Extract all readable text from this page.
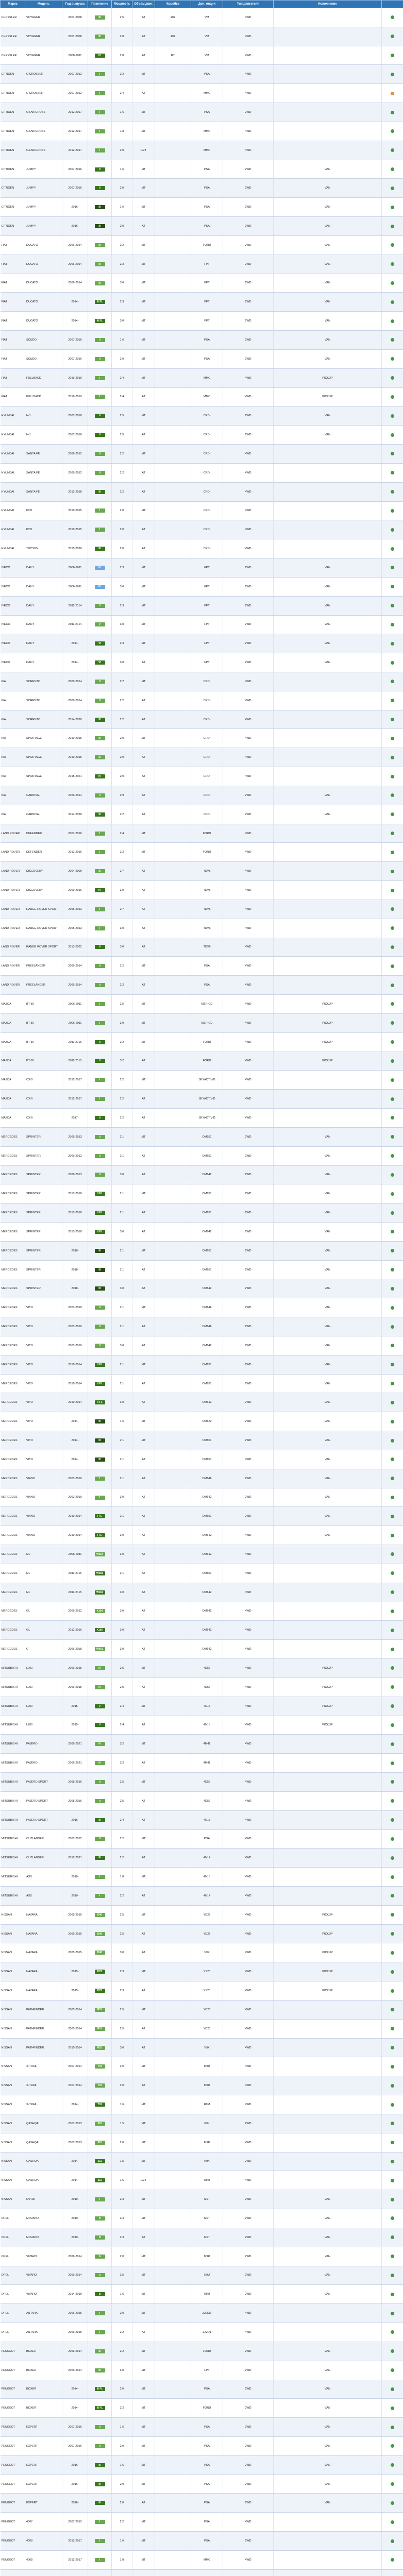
Марка	Модель	Год выпуска	Поколение	Мощность	Объём двиг.	Коробка	Доп. опции	Тип двигателя	Исполнение	
CHRYSLER	VOYAGER	2001-2008	III	2.5	AT	RG	VM	4WD		
CHRYSLER	VOYAGER	2001-2008	III	2.8	AT	RG	VM	4WD		
CHRYSLER	VOYAGER	2008-2011	IV	2.8	AT	RT	VM	4WD		
CITROEN	C-CROSSER	2007-2012	I	2.2	MT		PSA	4WD		
CITROEN	C-CROSSER	2007-2012	I	2.4	AT		MMC	4WD		
CITROEN	C4 AIRCROSS	2012-2017	I	1.6	MT		PSA	2WD		
CITROEN	C4 AIRCROSS	2012-2017	I	1.8	MT		MMC	4WD		
CITROEN	C4 AIRCROSS	2012-2017	I	2.0	CVT		MMC	4WD		
CITROEN	JUMPY	2007-2016	II	1.6	MT		PSA	2WD	VAN	
CITROEN	JUMPY	2007-2016	II	2.0	MT		PSA	2WD	VAN	
CITROEN	JUMPY	2016-	III	1.6	MT		PSA	2WD	VAN	
CITROEN	JUMPY	2016-	III	2.0	AT		PSA	2WD	VAN	
FIAT	DUCATO	2006-2014	III	2.2	MT		FORD	2WD	VAN	
FIAT	DUCATO	2006-2014	III	2.3	MT		FPT	2WD	VAN	
FIAT	DUCATO	2006-2014	III	3.0	MT		FPT	2WD	VAN	
FIAT	DUCATO	2014-	III FL	2.3	MT		FPT	2WD	VAN	
FIAT	DUCATO	2014-	III FL	3.0	MT		FPT	2WD	VAN	
FIAT	SCUDO	2007-2016	II	1.6	MT		PSA	2WD	VAN	
FIAT	SCUDO	2007-2016	II	2.0	MT		PSA	2WD	VAN	
FIAT	FULLBACK	2016-2019	I	2.4	MT		MMC	4WD	PICKUP	
FIAT	FULLBACK	2016-2019	I	2.4	AT		MMC	4WD	PICKUP	
HYUNDAI	H-1	2007-2018	II	2.5	MT		CRDI	2WD	VAN	
HYUNDAI	H-1	2007-2018	II	2.5	AT		CRDI	2WD	VAN	
HYUNDAI	SANTA FE	2006-2012	II	2.2	MT		CRDI	4WD		
HYUNDAI	SANTA FE	2006-2012	II	2.2	AT		CRDI	4WD		
HYUNDAI	SANTA FE	2012-2018	III	2.2	AT		CRDI	4WD		
HYUNDAI	IX35	2010-2015	I	2.0	MT		CRDI	4WD		
HYUNDAI	IX35	2010-2015	I	2.0	AT		CRDI	4WD		
HYUNDAI	TUCSON	2015-2020	III	2.0	AT		CRDI	4WD		
IVECO	DAILY	2006-2011	IV	2.3	MT		FPT	2WD	VAN	
IVECO	DAILY	2006-2011	IV	3.0	MT		FPT	2WD	VAN	
IVECO	DAILY	2011-2014	V	2.3	MT		FPT	2WD	VAN	
IVECO	DAILY	2011-2014	V	3.0	MT		FPT	2WD	VAN	
IVECO	DAILY	2014-	VI	2.3	MT		FPT	2WD	VAN	
IVECO	DAILY	2014-	VI	3.0	AT		FPT	2WD	VAN	
KIA	SORENTO	2009-2014	II	2.2	MT		CRDI	4WD		
KIA	SORENTO	2009-2014	II	2.2	AT		CRDI	4WD		
KIA	SORENTO	2014-2020	III	2.2	AT		CRDI	4WD		
KIA	SPORTAGE	2010-2015	III	2.0	MT		CRDI	4WD		
KIA	SPORTAGE	2010-2015	III	2.0	AT		CRDI	4WD		
KIA	SPORTAGE	2015-2021	IV	2.0	AT		CRDI	4WD		
KIA	CARNIVAL	2006-2014	II	2.9	AT		CRDI	2WD	VAN	
KIA	CARNIVAL	2014-2020	III	2.2	AT		CRDI	2WD	VAN	
LAND ROVER	DEFENDER	2007-2016	I	2.4	MT		FORD	4WD		
LAND ROVER	DEFENDER	2012-2016	I	2.2	MT		FORD	4WD		
LAND ROVER	DISCOVERY	2004-2009	III	2.7	AT		TDV6	4WD		
LAND ROVER	DISCOVERY	2009-2016	IV	3.0	AT		TDV6	4WD		
LAND ROVER	RANGE ROVER SPORT	2005-2013	I	2.7	AT		TDV6	4WD		
LAND ROVER	RANGE ROVER SPORT	2005-2013	I	3.0	AT		TDV6	4WD		
LAND ROVER	RANGE ROVER SPORT	2013-2022	II	3.0	AT		TDV6	4WD		
LAND ROVER	FREELANDER	2006-2014	II	2.2	MT		PSA	4WD		
LAND ROVER	FREELANDER	2006-2014	II	2.2	AT		PSA	4WD		
MAZDA	BT-50	2006-2011	I	2.5	MT		MZR-CD	4WD	PICKUP	
MAZDA	BT-50	2006-2011	I	3.0	MT		MZR-CD	4WD	PICKUP	
MAZDA	BT-50	2011-2015	II	2.2	MT		FORD	4WD	PICKUP	
MAZDA	BT-50	2011-2015	II	3.2	AT		FORD	4WD	PICKUP	
MAZDA	CX-5	2012-2017	I	2.2	MT		SKYACTIV-D	4WD		
MAZDA	CX-5	2012-2017	I	2.2	AT		SKYACTIV-D	4WD		
MAZDA	CX-5	2017-	II	2.2	AT		SKYACTIV-D	4WD		
MERCEDES	SPRINTER	2006-2013	II	2.1	MT		OM651	2WD	VAN	
MERCEDES	SPRINTER	2006-2013	II	2.1	AT		OM651	2WD	VAN	
MERCEDES	SPRINTER	2006-2013	II	3.0	AT		OM642	2WD	VAN	
MERCEDES	SPRINTER	2013-2018	II FL	2.1	MT		OM651	2WD	VAN	
MERCEDES	SPRINTER	2013-2018	II FL	2.1	AT		OM651	2WD	VAN	
MERCEDES	SPRINTER	2013-2018	II FL	3.0	AT		OM642	2WD	VAN	
MERCEDES	SPRINTER	2018-	III	2.1	MT		OM651	2WD	VAN	
MERCEDES	SPRINTER	2018-	III	2.1	AT		OM651	2WD	VAN	
MERCEDES	SPRINTER	2018-	III	3.0	AT		OM642	2WD	VAN	
MERCEDES	VITO	2003-2010	II	2.1	MT		OM646	2WD	VAN	
MERCEDES	VITO	2003-2010	II	2.1	AT		OM646	2WD	VAN	
MERCEDES	VITO	2003-2010	II	3.0	AT		OM642	2WD	VAN	
MERCEDES	VITO	2010-2014	II FL	2.1	MT		OM651	2WD	VAN	
MERCEDES	VITO	2010-2014	II FL	2.1	AT		OM651	2WD	VAN	
MERCEDES	VITO	2010-2014	II FL	3.0	AT		OM642	2WD	VAN	
MERCEDES	VITO	2014-	III	1.6	MT		OM622	2WD	VAN	
MERCEDES	VITO	2014-	III	2.1	MT		OM651	2WD	VAN	
MERCEDES	VITO	2014-	III	2.1	AT		OM651	4WD	VAN	
MERCEDES	VIANO	2003-2010	I	2.1	AT		OM646	2WD	VAN	
MERCEDES	VIANO	2003-2010	I	3.0	AT		OM642	2WD	VAN	
MERCEDES	VIANO	2010-2014	I FL	2.1	AT		OM651	2WD	VAN	
MERCEDES	VIANO	2010-2014	I FL	3.0	AT		OM642	4WD	VAN	
MERCEDES	ML	2005-2011	W164	3.0	AT		OM642	4WD		
MERCEDES	ML	2011-2015	W166	2.1	AT		OM651	4WD		
MERCEDES	ML	2011-2015	W166	3.0	AT		OM642	4WD		
MERCEDES	GL	2006-2012	X164	3.0	AT		OM642	4WD		
MERCEDES	GL	2012-2016	X166	3.0	AT		OM642	4WD		
MERCEDES	G	2006-2018	W463	3.0	AT		OM642	4WD		
MITSUBISHI	L200	2006-2015	IV	2.5	MT		4D56	4WD	PICKUP	
MITSUBISHI	L200	2006-2015	IV	2.5	AT		4D56	4WD	PICKUP	
MITSUBISHI	L200	2015-	V	2.4	MT		4N15	4WD	PICKUP	
MITSUBISHI	L200	2015-	V	2.4	AT		4N15	4WD	PICKUP	
MITSUBISHI	PAJERO	2006-2021	IV	3.2	MT		4M41	4WD		
MITSUBISHI	PAJERO	2006-2021	IV	3.2	AT		4M41	4WD		
MITSUBISHI	PAJERO SPORT	2008-2016	II	2.5	MT		4D56	4WD		
MITSUBISHI	PAJERO SPORT	2008-2016	II	2.5	AT		4D56	4WD		
MITSUBISHI	PAJERO SPORT	2016-	III	2.4	AT		4N15	4WD		
MITSUBISHI	OUTLANDER	2007-2012	II	2.2	MT		PSA	4WD		
MITSUBISHI	OUTLANDER	2012-2021	III	2.2	AT		4N14	4WD		
MITSUBISHI	ASX	2010-	I	1.8	MT		4N13	4WD		
MITSUBISHI	ASX	2010-	I	2.2	AT		4N14	4WD		
NISSAN	NAVARA	2005-2015	D40	2.5	MT		YD25	4WD	PICKUP	
NISSAN	NAVARA	2005-2015	D40	2.5	AT		YD25	4WD	PICKUP	
NISSAN	NAVARA	2005-2015	D40	3.0	AT		V9X	4WD	PICKUP	
NISSAN	NAVARA	2015-	D23	2.3	MT		YS23	4WD	PICKUP	
NISSAN	NAVARA	2015-	D23	2.3	AT		YS23	4WD	PICKUP	
NISSAN	PATHFINDER	2005-2014	R51	2.5	MT		YD25	4WD		
NISSAN	PATHFINDER	2005-2014	R51	2.5	AT		YD25	4WD		
NISSAN	PATHFINDER	2010-2014	R51	3.0	AT		V9X	4WD		
NISSAN	X-TRAIL	2007-2014	T31	2.0	MT		M9R	4WD		
NISSAN	X-TRAIL	2007-2014	T31	2.0	AT		M9R	4WD		
NISSAN	X-TRAIL	2014-	T32	1.6	MT		R9M	4WD		
NISSAN	QASHQAI	2007-2013	J10	1.5	MT		K9K	2WD		
NISSAN	QASHQAI	2007-2013	J10	2.0	MT		M9R	4WD		
NISSAN	QASHQAI	2014-	J11	1.5	MT		K9K	2WD		
NISSAN	QASHQAI	2014-	J11	1.6	CVT		R9M	4WD		
NISSAN	NV400	2010-	I	2.3	MT		M9T	2WD	VAN	
OPEL	MOVANO	2010-	B	2.3	MT		M9T	2WD	VAN	
OPEL	MOVANO	2010-	B	2.3	AT		M9T	2WD	VAN	
OPEL	VIVARO	2006-2014	A	2.0	MT		M9R	2WD	VAN	
OPEL	VIVARO	2006-2014	A	2.5	MT		G9U	2WD	VAN	
OPEL	VIVARO	2014-2019	B	1.6	MT		R9M	2WD	VAN	
OPEL	ANTARA	2006-2015	I	2.0	MT		Z20DM	4WD		
OPEL	ANTARA	2006-2015	I	2.2	AT		Z22D1	4WD		
PEUGEOT	BOXER	2006-2014	III	2.2	MT		FORD	2WD	VAN	
PEUGEOT	BOXER	2006-2014	III	3.0	MT		FPT	2WD	VAN	
PEUGEOT	BOXER	2014-	III FL	2.0	MT		PSA	2WD	VAN	
PEUGEOT	BOXER	2014-	III FL	2.2	MT		FORD	2WD	VAN	
PEUGEOT	EXPERT	2007-2016	II	1.6	MT		PSA	2WD	VAN	
PEUGEOT	EXPERT	2007-2016	II	2.0	MT		PSA	2WD	VAN	
PEUGEOT	EXPERT	2016-	III	1.6	MT		PSA	2WD	VAN	
PEUGEOT	EXPERT	2016-	III	2.0	MT		PSA	2WD	VAN	
PEUGEOT	EXPERT	2016-	III	2.0	AT		PSA	2WD	VAN	
PEUGEOT	4007	2007-2012	I	2.2	MT		PSA	4WD		
PEUGEOT	4008	2012-2017	I	1.6	MT		PSA	2WD		
PEUGEOT	4008	2012-2017	I	1.8	MT		MMC	4WD		
